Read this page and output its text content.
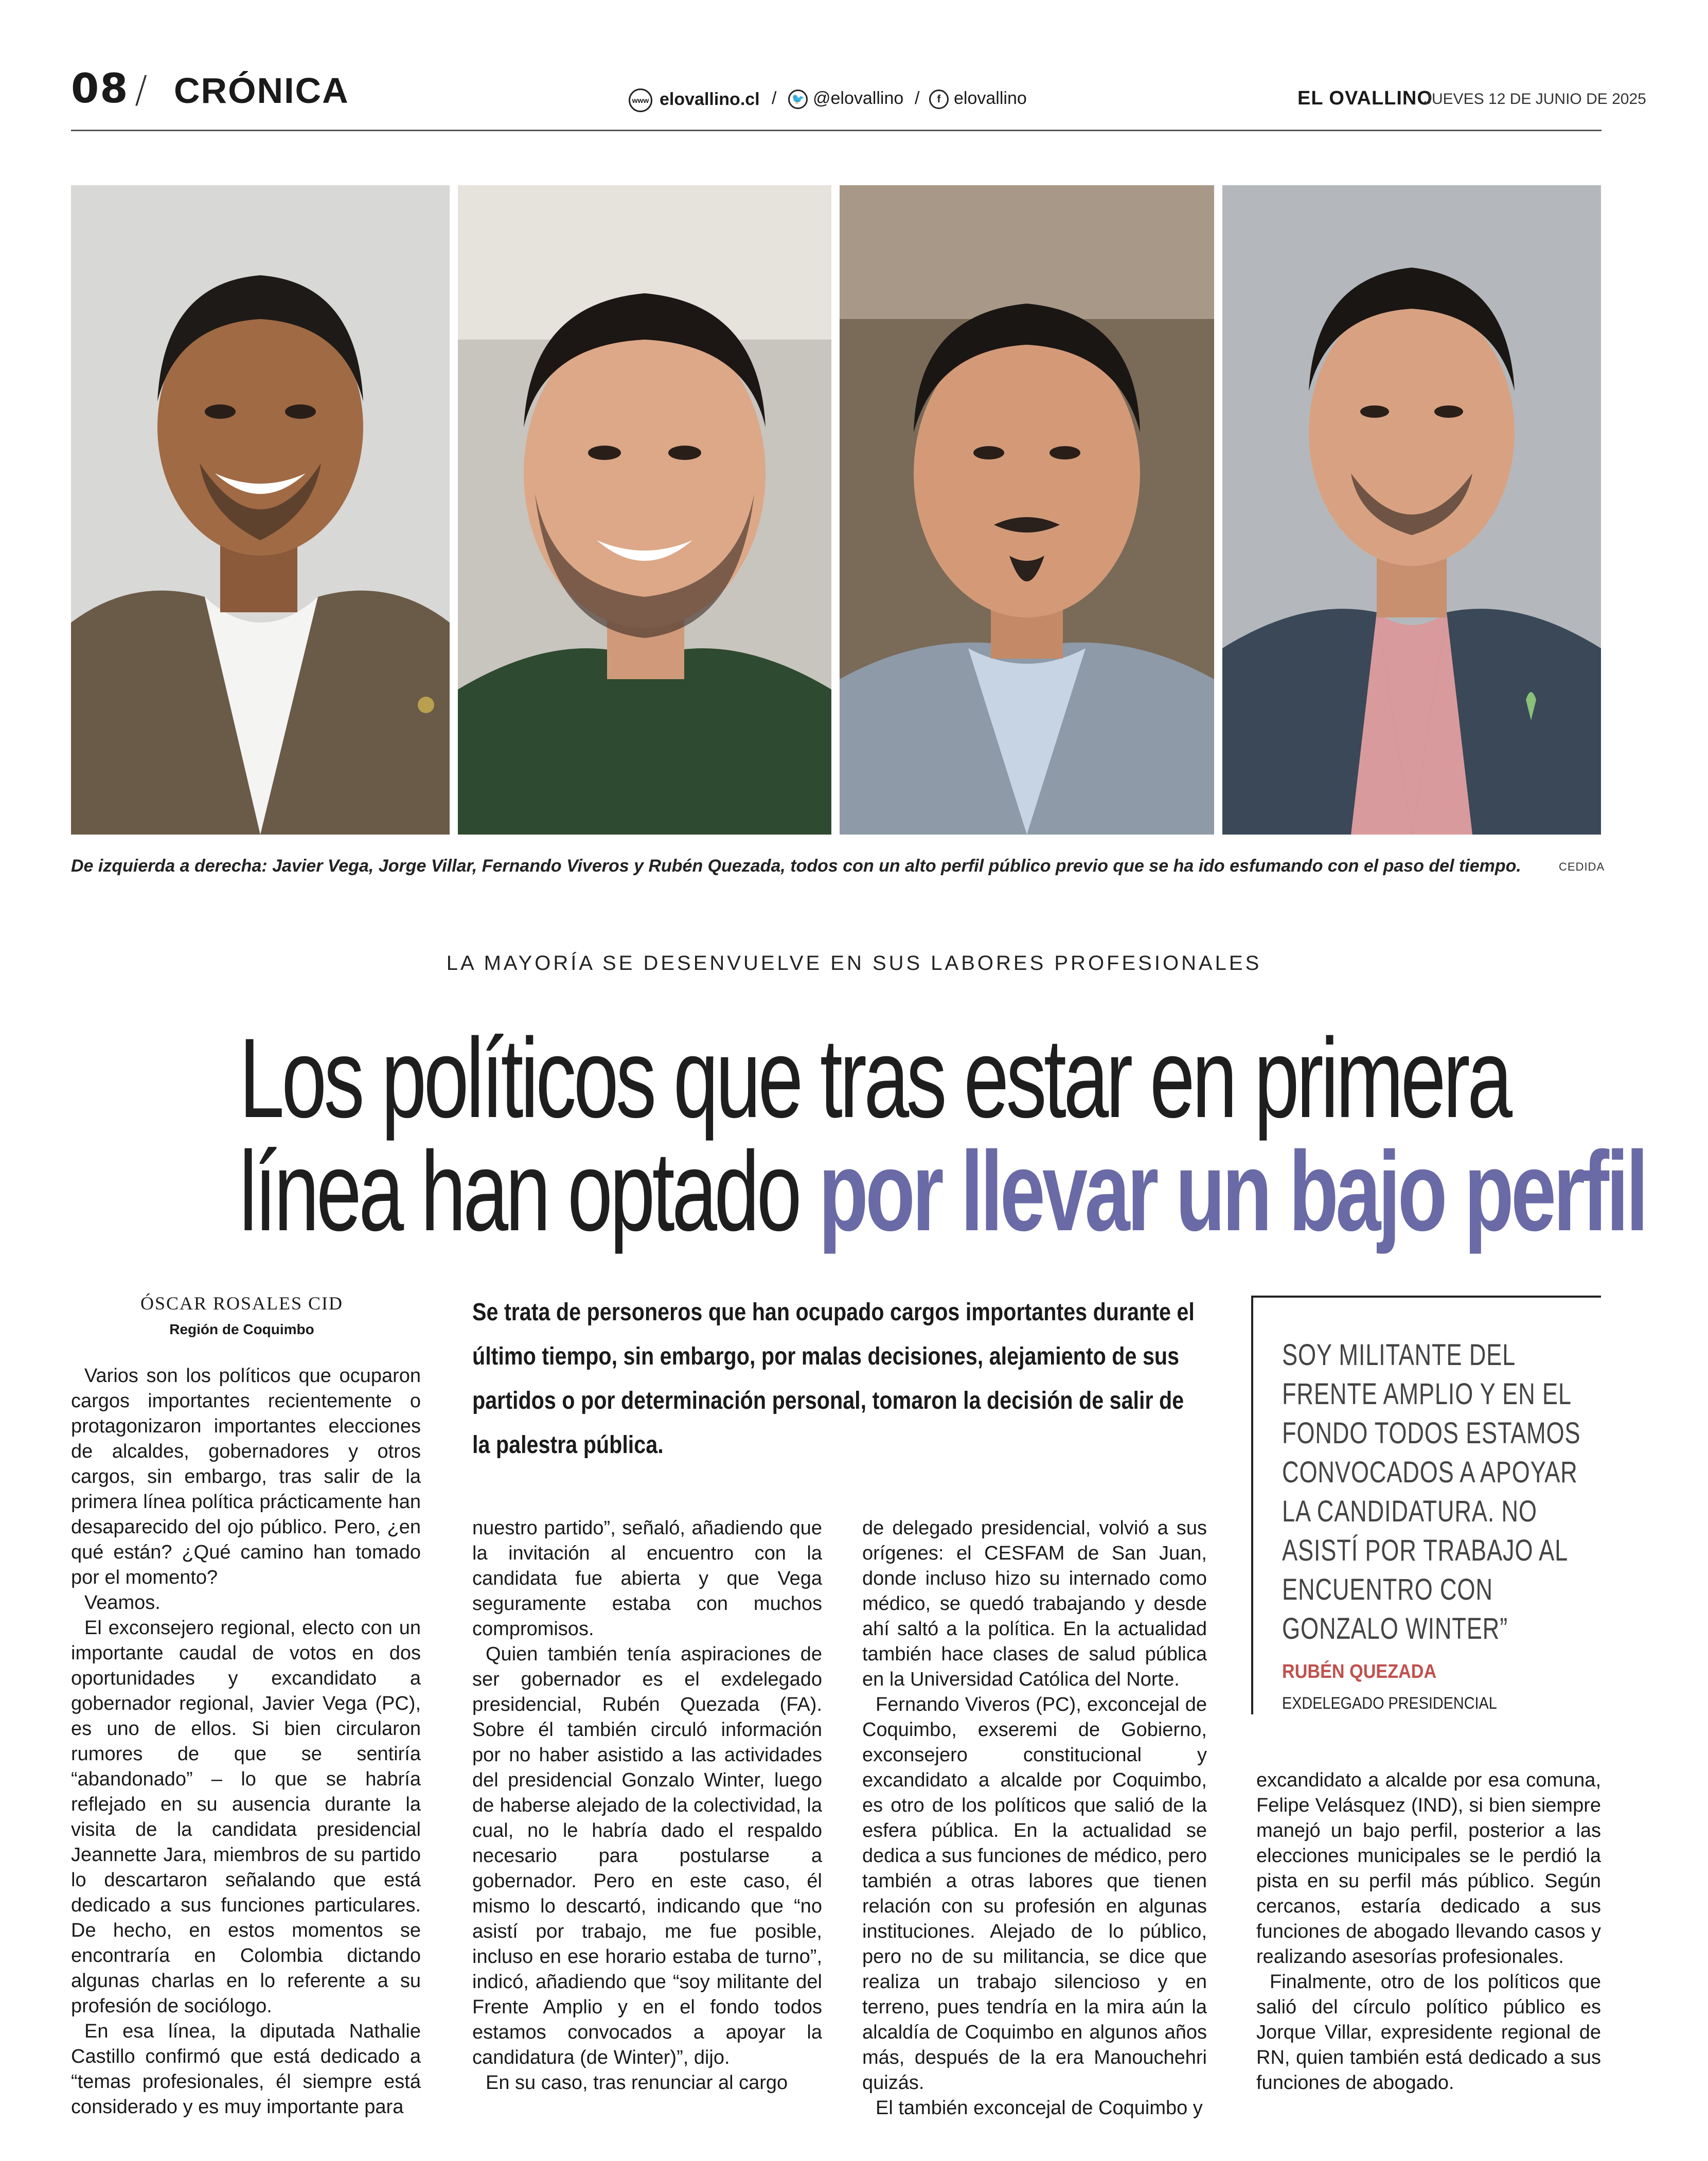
08 / CRÓNICA	www elovallino.cl /	🐦 @elovallino /	f elovallino	EL OVALLINO
JUEVES 12 DE JUNIO DE 2025
De izquierda a derecha: Javier Vega, Jorge Villar, Fernando Viveros y Rubén Quezada, todos con un alto perfil público previo que se ha ido esfumando con el paso del tiempo.	CEDIDA
LA MAYORÍA SE DESENVUELVE EN SUS LABORES PROFESIONALES
Los políticos que tras estar en primera
línea han optado por llevar un bajo perfil
ÓSCAR ROSALES CID
Región de Coquimbo
Se trata de personeros que han ocupado cargos importantes durante el último tiempo, sin embargo, por malas decisiones, alejamiento de sus partidos o por determinación personal, tomaron la decisión de salir de la palestra pública.

Varios son los políticos que ocuparon cargos importantes recientemente o protagonizaron importantes elecciones de alcaldes, gobernadores y otros cargos, sin embargo, tras salir de la primera línea política prácticamente han desaparecido del ojo público. Pero, ¿en qué están? ¿Qué camino han tomado por el momento?

Veamos.

El exconsejero regional, electo con un importante caudal de votos en dos oportunidades y excandidato a gobernador regional, Javier Vega (PC), es uno de ellos. Si bien circularon rumores de que se sentiría “abandonado” – lo que se habría reflejado en su ausencia durante la visita de la candidata presidencial Jeannette Jara, miembros de su partido lo descartaron señalando que está dedicado a sus funciones particulares. De hecho, en estos momentos se encontraría en Colombia dictando algunas charlas en lo referente a su profesión de sociólogo.

En esa línea, la diputada Nathalie Castillo confirmó que está dedicado a “temas profesionales, él siempre está considerado y es muy importante para

nuestro partido”, señaló, añadiendo que la invitación al encuentro con la candidata fue abierta y que Vega seguramente estaba con muchos compromisos.

Quien también tenía aspiraciones de ser gobernador es el exdelegado presidencial, Rubén Quezada (FA). Sobre él también circuló información por no haber asistido a las actividades del presidencial Gonzalo Winter, luego de haberse alejado de la colectividad, la cual, no le habría dado el respaldo necesario para postularse a gobernador. Pero en este caso, él mismo lo descartó, indicando que “no asistí por trabajo, me fue posible, incluso en ese horario estaba de turno”, indicó, añadiendo que “soy militante del Frente Amplio y en el fondo todos estamos convocados a apoyar la candidatura (de Winter)”, dijo.

En su caso, tras renunciar al cargo

de delegado presidencial, volvió a sus orígenes: el CESFAM de San Juan, donde incluso hizo su internado como médico, se quedó trabajando y desde ahí saltó a la política. En la actualidad también hace clases de salud pública en la Universidad Católica del Norte.

Fernando Viveros (PC), exconcejal de Coquimbo, exseremi de Gobierno, exconsejero constitucional y excandidato a alcalde por Coquimbo, es otro de los políticos que salió de la esfera pública. En la actualidad se dedica a sus funciones de médico, pero también a otras labores que tienen relación con su profesión en algunas instituciones. Alejado de lo público, pero no de su militancia, se dice que realiza un trabajo silencioso y en terreno, pues tendría en la mira aún la alcaldía de Coquimbo en algunos años más, después de la era Manouchehri quizás.

El también exconcejal de Coquimbo y

excandidato a alcalde por esa comuna, Felipe Velásquez (IND), si bien siempre manejó un bajo perfil, posterior a las elecciones municipales se le perdió la pista en su perfil más público. Según cercanos, estaría dedicado a sus funciones de abogado llevando casos y realizando asesorías profesionales.

Finalmente, otro de los políticos que salió del círculo político público es Jorque Villar, expresidente regional de RN, quien también está dedicado a sus funciones de abogado.

SOY MILITANTE DEL FRENTE AMPLIO Y EN EL FONDO TODOS ESTAMOS CONVOCADOS A APOYAR LA CANDIDATURA. NO ASISTÍ POR TRABAJO AL ENCUENTRO CON GONZALO WINTER”
RUBÉN QUEZADA
EXDELEGADO PRESIDENCIAL
